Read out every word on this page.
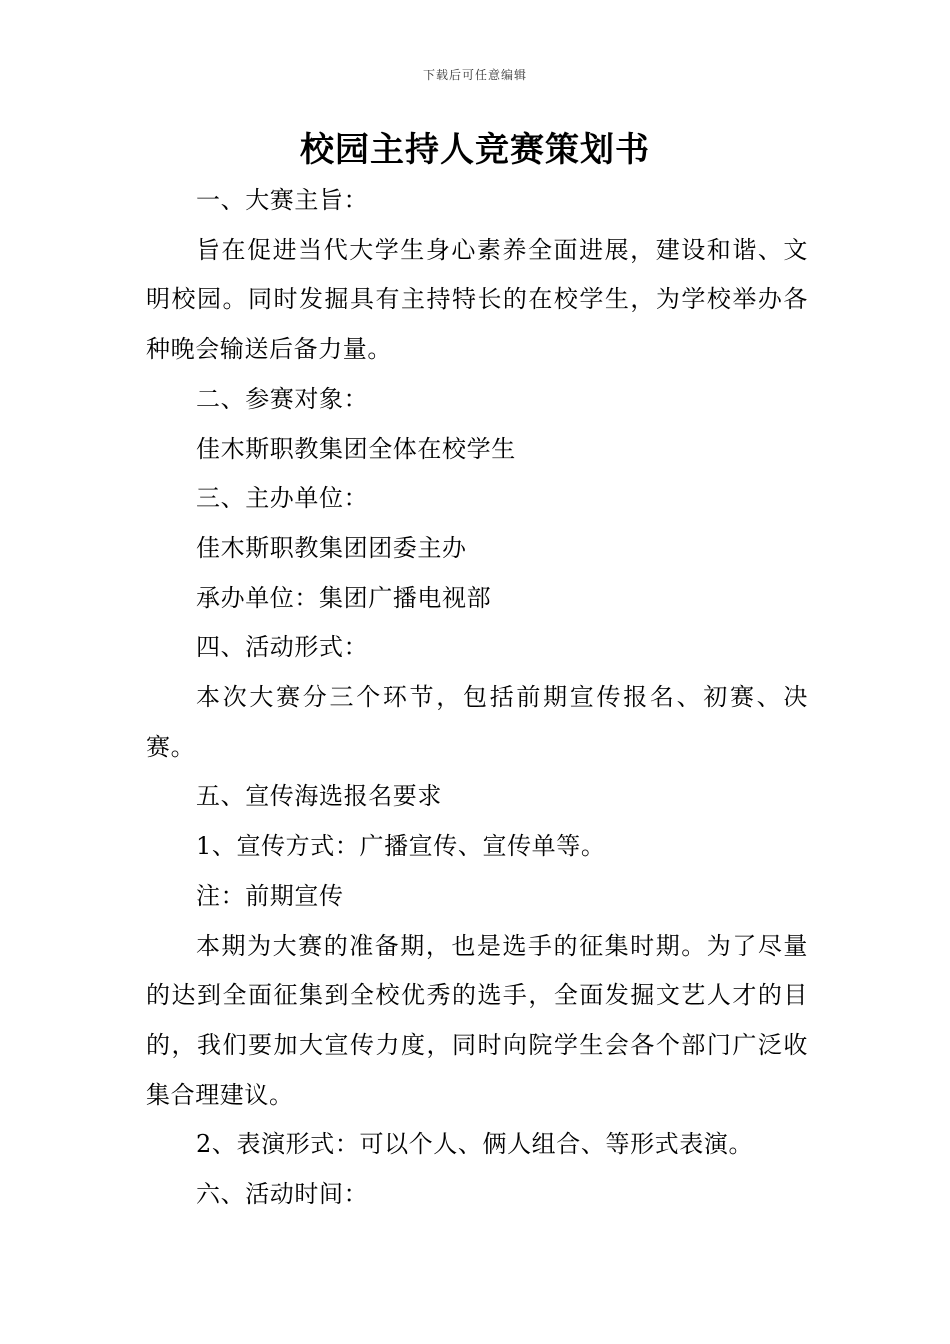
下载后可任意编辑
校园主持人竞赛策划书

一、大赛主旨：

旨在促进当代大学生身心素养全面进展，建设和谐、文明校园。同时发掘具有主持特长的在校学生，为学校举办各种晚会输送后备力量。

二、参赛对象：

佳木斯职教集团全体在校学生

三、主办单位：

佳木斯职教集团团委主办

承办单位：集团广播电视部

四、活动形式：

本次大赛分三个环节，包括前期宣传报名、初赛、决赛。

五、宣传海选报名要求

1、宣传方式：广播宣传、宣传单等。

注：前期宣传

本期为大赛的准备期，也是选手的征集时期。为了尽量的达到全面征集到全校优秀的选手，全面发掘文艺人才的目的，我们要加大宣传力度，同时向院学生会各个部门广泛收集合理建议。

2、表演形式：可以个人、俩人组合、等形式表演。

六、活动时间：
